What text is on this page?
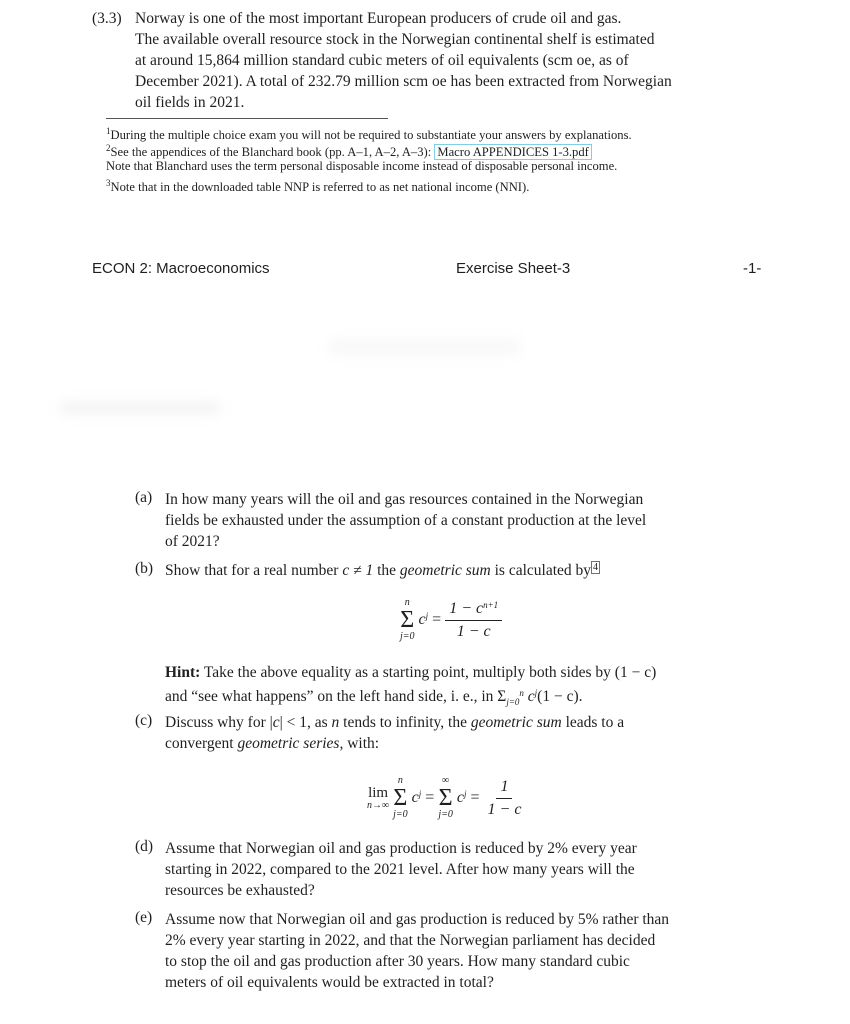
(3.3) Norway is one of the most important European producers of crude oil and gas.
The available overall resource stock in the Norwegian continental shelf is estimated
at around 15,864 million standard cubic meters of oil equivalents (scm oe, as of
December 2021). A total of 232.79 million scm oe has been extracted from Norwegian
oil fields in 2021.
$^1$During the multiple choice exam you will not be required to substantiate your answers by explanations.
$^2$See the appendices of the Blanchard book (pp. A–1, A–2, A–3): Macro APPENDICES 1-3.pdf
Note that Blanchard uses the term personal disposable income instead of disposable personal income.
$^3$Note that in the downloaded table NNP is referred to as net national income (NNI).
ECON 2: Macroeconomics	Exercise Sheet-3	-1-
(a) In how many years will the oil and gas resources contained in the Norwegian
fields be exhausted under the assumption of a constant production at the level
of 2021?
(b) Show that for a real number c ≠ 1 the geometric sum is calculated by $^4$
n
Σ
j=0
$c^j = \frac{1 - c^{n+1}}{1 - c}$
Hint: Take the above equality as a starting point, multiply both sides by (1 − c)
and “see what happens” on the left hand side, i. e., in $\Sigma_{j=0}^n$ $c^j(1 - c)$.
(c) Discuss why for |c| < 1, as n tends to infinity, the geometric sum leads to a
convergent geometric series, with:
lim
n→∞
n
Σ
j=0
$c^j$ =
∞
Σ
j=0
$c^j = \frac{1}{1 - c}$
(d) Assume that Norwegian oil and gas production is reduced by 2% every year
starting in 2022, compared to the 2021 level. After how many years will the
resources be exhausted?
(e) Assume now that Norwegian oil and gas production is reduced by 5% rather than
2% every year starting in 2022, and that the Norwegian parliament has decided
to stop the oil and gas production after 30 years. How many standard cubic
meters of oil equivalents would be extracted in total?
